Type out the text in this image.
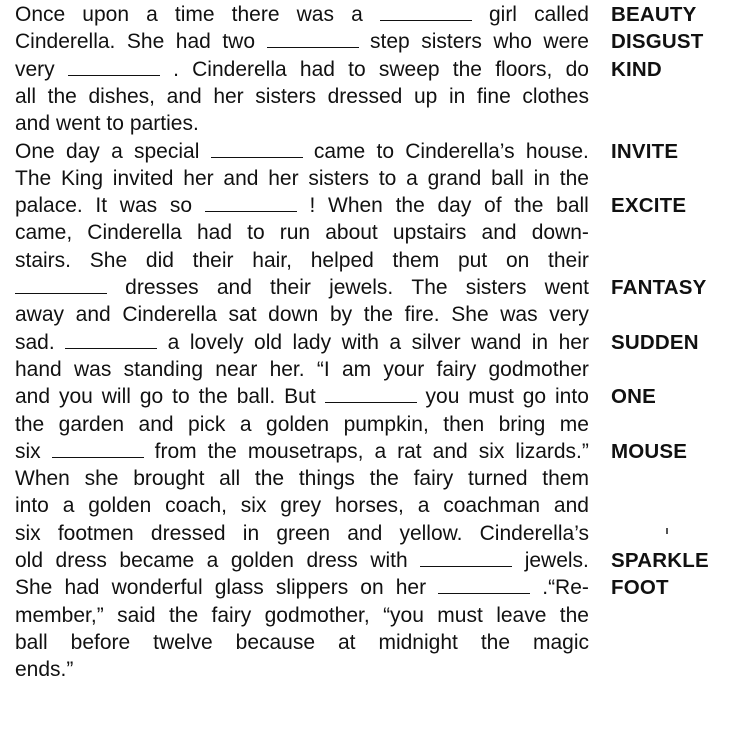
Once upon a time there was a	girl called
Cinderella. She had two	step sisters who were
very	. Cinderella had to sweep the floors, do
all the dishes, and her sisters dressed up in fine clothes
and went to parties.
One day a special	came to Cinderella’s house.
The King invited her and her sisters to a grand ball in the
palace. It was so	! When the day of the ball
came, Cinderella had to run about upstairs and down-
stairs. She did their hair, helped them put on their
dresses and their jewels. The sisters went
away and Cinderella sat down by the fire. She was very
sad.	a lovely old lady with a silver wand in her
hand was standing near her. “I am your fairy godmother
and you will go to the ball. But	you must go into
the garden and pick a golden pumpkin, then bring me
six	from the mousetraps, a rat and six lizards.”
When she brought all the things the fairy turned them
into a golden coach, six grey horses, a coachman and
six footmen dressed in green and yellow. Cinderella’s
old dress became a golden dress with	jewels.
She had wonderful glass slippers on her	.“Re-
member,” said the fairy godmother, “you must leave the
ball before twelve because at midnight the magic
ends.”
BEAUTY
DISGUST
KIND
INVITE
EXCITE
FANTASY
SUDDEN
ONE
MOUSE
SPARKLE
FOOT
